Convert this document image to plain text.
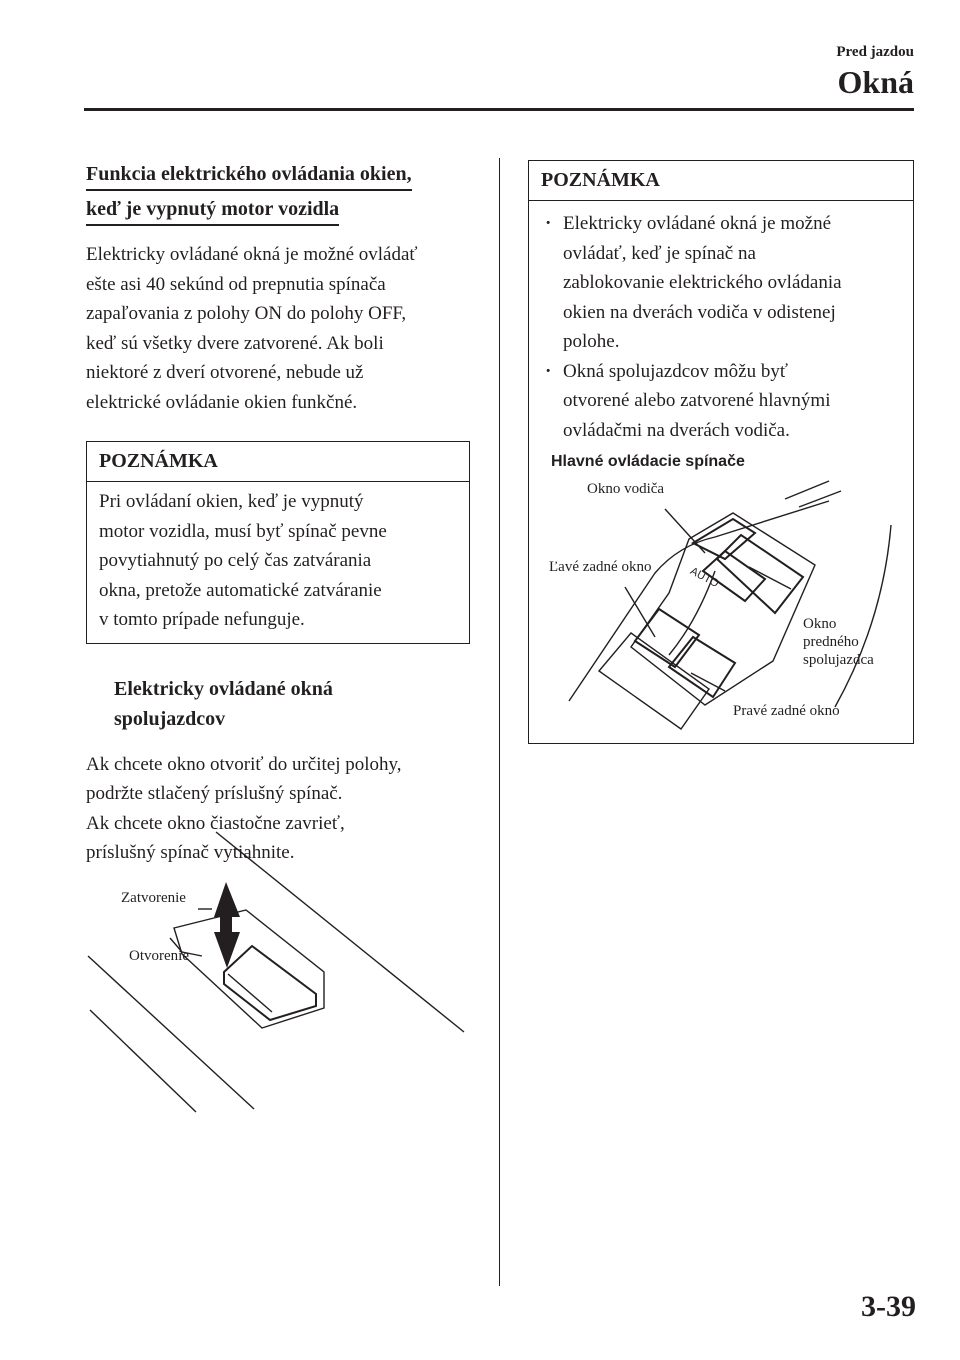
Pred jazdou
Okná
Funkcia elektrického ovládania okien,
keď je vypnutý motor vozidla
Elektricky ovládané okná je možné ovládať
ešte asi 40 sekúnd od prepnutia spínača
zapaľovania z polohy ON do polohy OFF,
keď sú všetky dvere zatvorené. Ak boli
niektoré z dverí otvorené, nebude už
elektrické ovládanie okien funkčné.
POZNÁMKA
Pri ovládaní okien, keď je vypnutý
motor vozidla, musí byť spínač pevne
povytiahnutý po celý čas zatvárania
okna, pretože automatické zatváranie
v tomto prípade nefunguje.
Elektricky ovládané okná
spolujazdcov
Ak chcete okno otvoriť do určitej polohy,
podržte stlačený príslušný spínač.
Ak chcete okno čiastočne zavrieť,
príslušný spínač vytiahnite.
Zatvorenie
Otvorenie
POZNÁMKA
· Elektricky ovládané okná je možné
ovládať, keď je spínač na
zablokovanie elektrického ovládania
okien na dverách vodiča v odistenej
polohe.
· Okná spolujazdcov môžu byť
otvorené alebo zatvorené hlavnými
ovládačmi na dverách vodiča.
Hlavné ovládacie spínače
AUTO
Okno vodiča
Ľavé zadné okno
Okno
predného
spolujazdca
Pravé zadné okno
3-39
